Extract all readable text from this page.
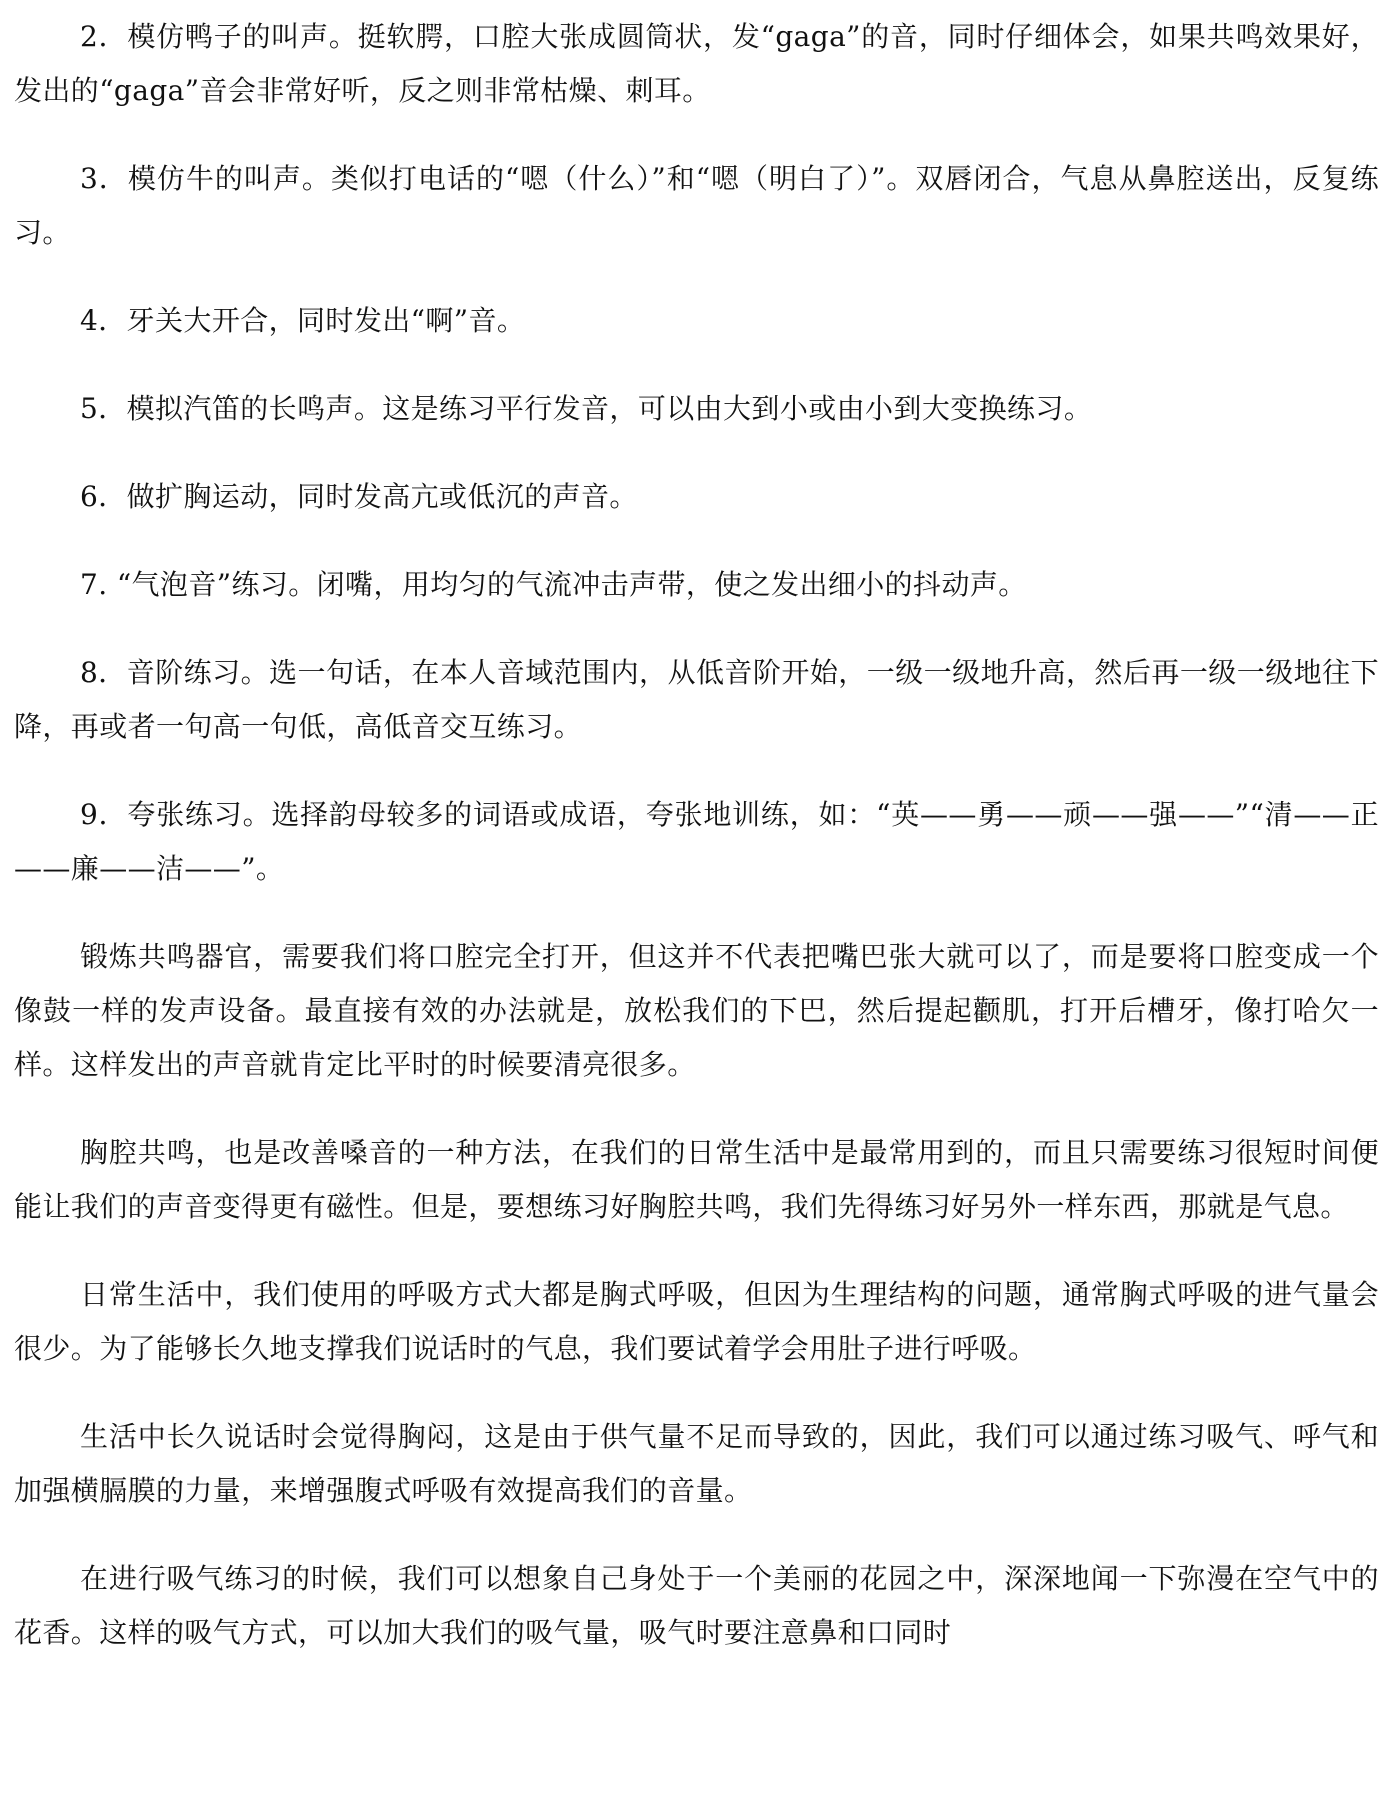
2．模仿鸭子的叫声。挺软腭，口腔大张成圆筒状，发“gaga”的音，同时仔细体会，如果共鸣效果好，发出的“gaga”音会非常好听，反之则非常枯燥、刺耳。

3．模仿牛的叫声。类似打电话的“嗯（什么）”和“嗯（明白了）”。双唇闭合，气息从鼻腔送出，反复练习。

4．牙关大开合，同时发出“啊”音。

5．模拟汽笛的长鸣声。这是练习平行发音，可以由大到小或由小到大变换练习。

6．做扩胸运动，同时发高亢或低沉的声音。

7. “气泡音”练习。闭嘴，用均匀的气流冲击声带，使之发出细小的抖动声。

8．音阶练习。选一句话，在本人音域范围内，从低音阶开始，一级一级地升高，然后再一级一级地往下降，再或者一句高一句低，高低音交互练习。

9．夸张练习。选择韵母较多的词语或成语，夸张地训练，如：“英——勇——顽——强——”“清——正——廉——洁——”。

锻炼共鸣器官，需要我们将口腔完全打开，但这并不代表把嘴巴张大就可以了，而是要将口腔变成一个像鼓一样的发声设备。最直接有效的办法就是，放松我们的下巴，然后提起颧肌，打开后槽牙，像打哈欠一样。这样发出的声音就肯定比平时的时候要清亮很多。

胸腔共鸣，也是改善嗓音的一种方法，在我们的日常生活中是最常用到的，而且只需要练习很短时间便能让我们的声音变得更有磁性。但是，要想练习好胸腔共鸣，我们先得练习好另外一样东西，那就是气息。

日常生活中，我们使用的呼吸方式大都是胸式呼吸，但因为生理结构的问题，通常胸式呼吸的进气量会很少。为了能够长久地支撑我们说话时的气息，我们要试着学会用肚子进行呼吸。

生活中长久说话时会觉得胸闷，这是由于供气量不足而导致的，因此，我们可以通过练习吸气、呼气和加强横膈膜的力量，来增强腹式呼吸有效提高我们的音量。

在进行吸气练习的时候，我们可以想象自己身处于一个美丽的花园之中，深深地闻一下弥漫在空气中的花香。这样的吸气方式，可以加大我们的吸气量，吸气时要注意鼻和口同时
